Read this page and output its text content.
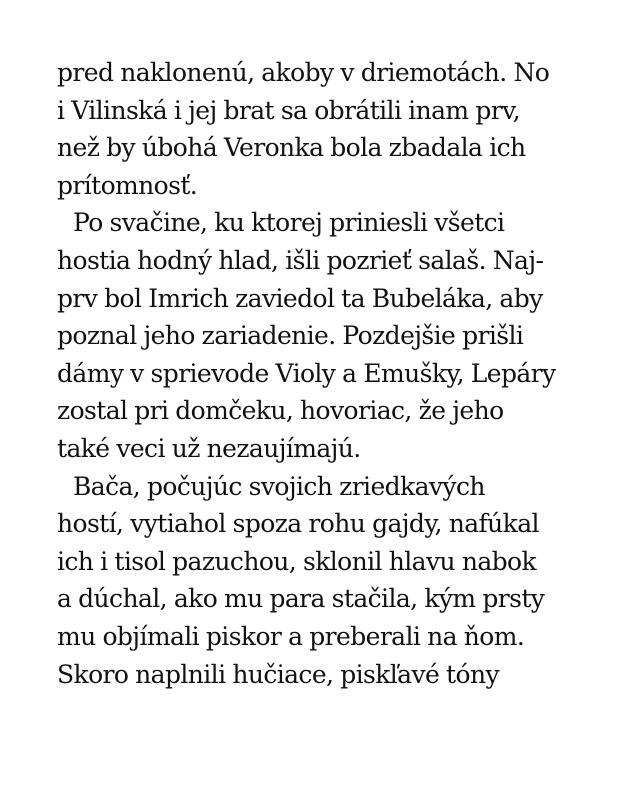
pred naklonenú, akoby v driemotách. No
i Vilinská i jej brat sa obrátili inam prv,
než by úbohá Veronka bola zbadala ich
prítomnosť.
Po svačine, ku ktorej priniesli všetci
hostia hodný hlad, išli pozrieť salaš. Naj-
prv bol Imrich zaviedol ta Bubeláka, aby
poznal jeho zariadenie. Pozdejšie prišli
dámy v sprievode Violy a Emušky, Lepáry
zostal pri domčeku, hovoriac, že jeho
také veci už nezaujímajú.
Bača, počujúc svojich zriedkavých
hostí, vytiahol spoza rohu gajdy, nafúkal
ich i tisol pazuchou, sklonil hlavu nabok
a dúchal, ako mu para stačila, kým prsty
mu objímali piskor a preberali na ňom.
Skoro naplnili hučiace, piskľavé tóny
